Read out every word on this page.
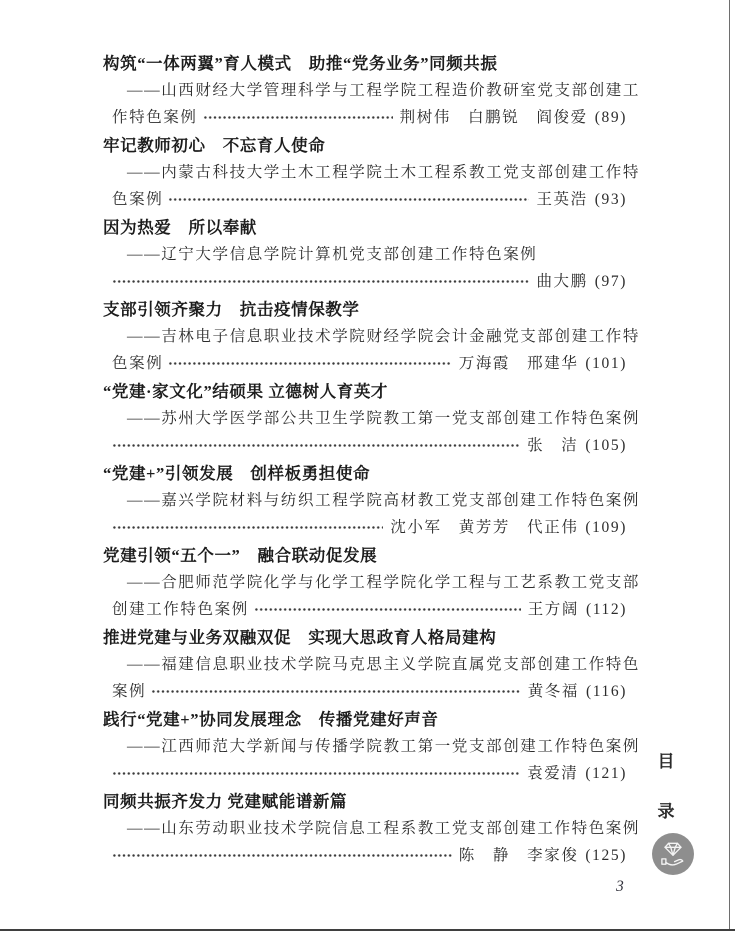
构筑“一体两翼”育人模式　助推“党务业务”同频共振
——山西财经大学管理科学与工程学院工程造价教研室党支部创建工
作特色案例	荆树伟　白鹏锐　阎俊爱 (89)
牢记教师初心　不忘育人使命
——内蒙古科技大学土木工程学院土木工程系教工党支部创建工作特
色案例	王英浩 (93)
因为热爱　所以奉献
——辽宁大学信息学院计算机党支部创建工作特色案例
曲大鹏 (97)
支部引领齐聚力　抗击疫情保教学
——吉林电子信息职业技术学院财经学院会计金融党支部创建工作特
色案例	万海霞　邢建华 (101)
“党建·家文化”结硕果 立德树人育英才
——苏州大学医学部公共卫生学院教工第一党支部创建工作特色案例
张　洁 (105)
“党建+”引领发展　创样板勇担使命
——嘉兴学院材料与纺织工程学院高材教工党支部创建工作特色案例
沈小军　黄芳芳　代正伟 (109)
党建引领“五个一”　融合联动促发展
——合肥师范学院化学与化学工程学院化学工程与工艺系教工党支部
创建工作特色案例	王方阔 (112)
推进党建与业务双融双促　实现大思政育人格局建构
——福建信息职业技术学院马克思主义学院直属党支部创建工作特色
案例	黄冬福 (116)
践行“党建+”协同发展理念　传播党建好声音
——江西师范大学新闻与传播学院教工第一党支部创建工作特色案例
袁爱清 (121)
同频共振齐发力 党建赋能谱新篇
——山东劳动职业技术学院信息工程系教工党支部创建工作特色案例
陈　静　李家俊 (125)
目
录
3
